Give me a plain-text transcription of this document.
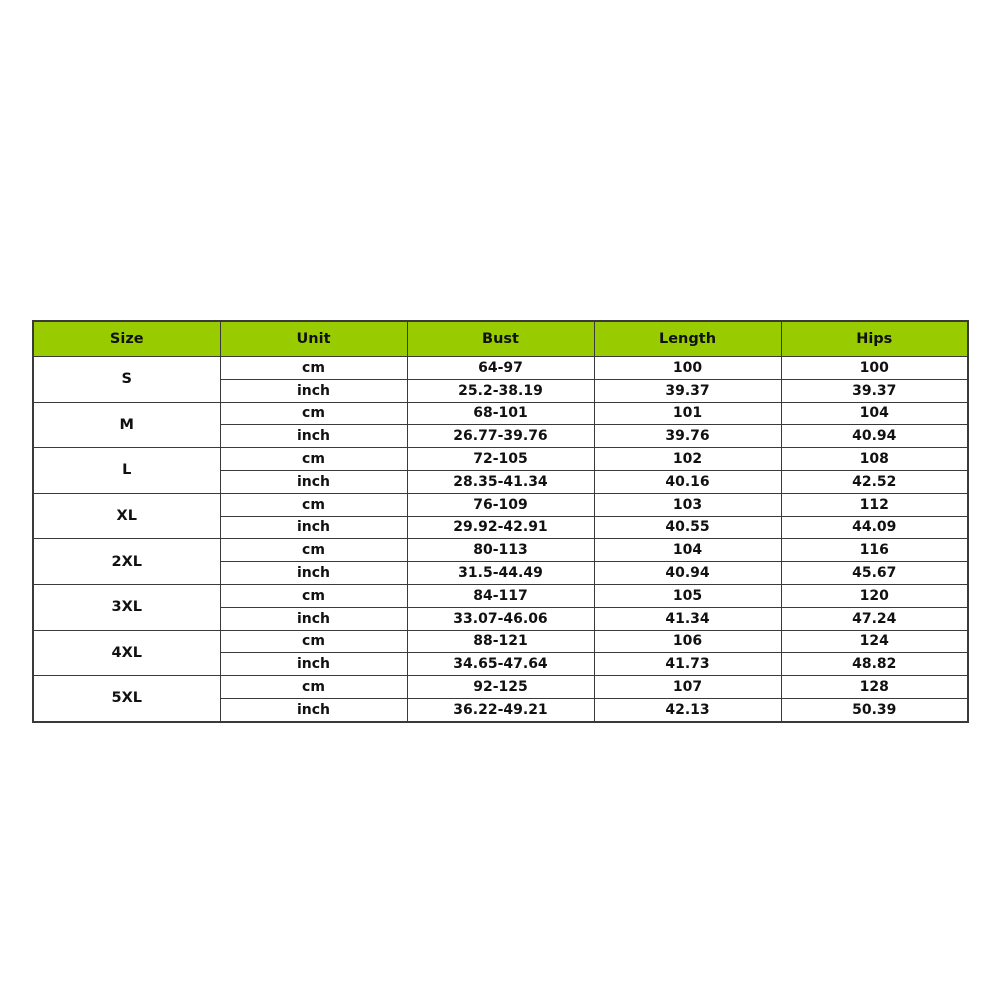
Size	Unit	Bust	Length	Hips
S	cm	64-97	100	100
	inch	25.2-38.19	39.37	39.37
M	cm	68-101	101	104
	inch	26.77-39.76	39.76	40.94
L	cm	72-105	102	108
	inch	28.35-41.34	40.16	42.52
XL	cm	76-109	103	112
	inch	29.92-42.91	40.55	44.09
2XL	cm	80-113	104	116
	inch	31.5-44.49	40.94	45.67
3XL	cm	84-117	105	120
	inch	33.07-46.06	41.34	47.24
4XL	cm	88-121	106	124
	inch	34.65-47.64	41.73	48.82
5XL	cm	92-125	107	128
	inch	36.22-49.21	42.13	50.39
